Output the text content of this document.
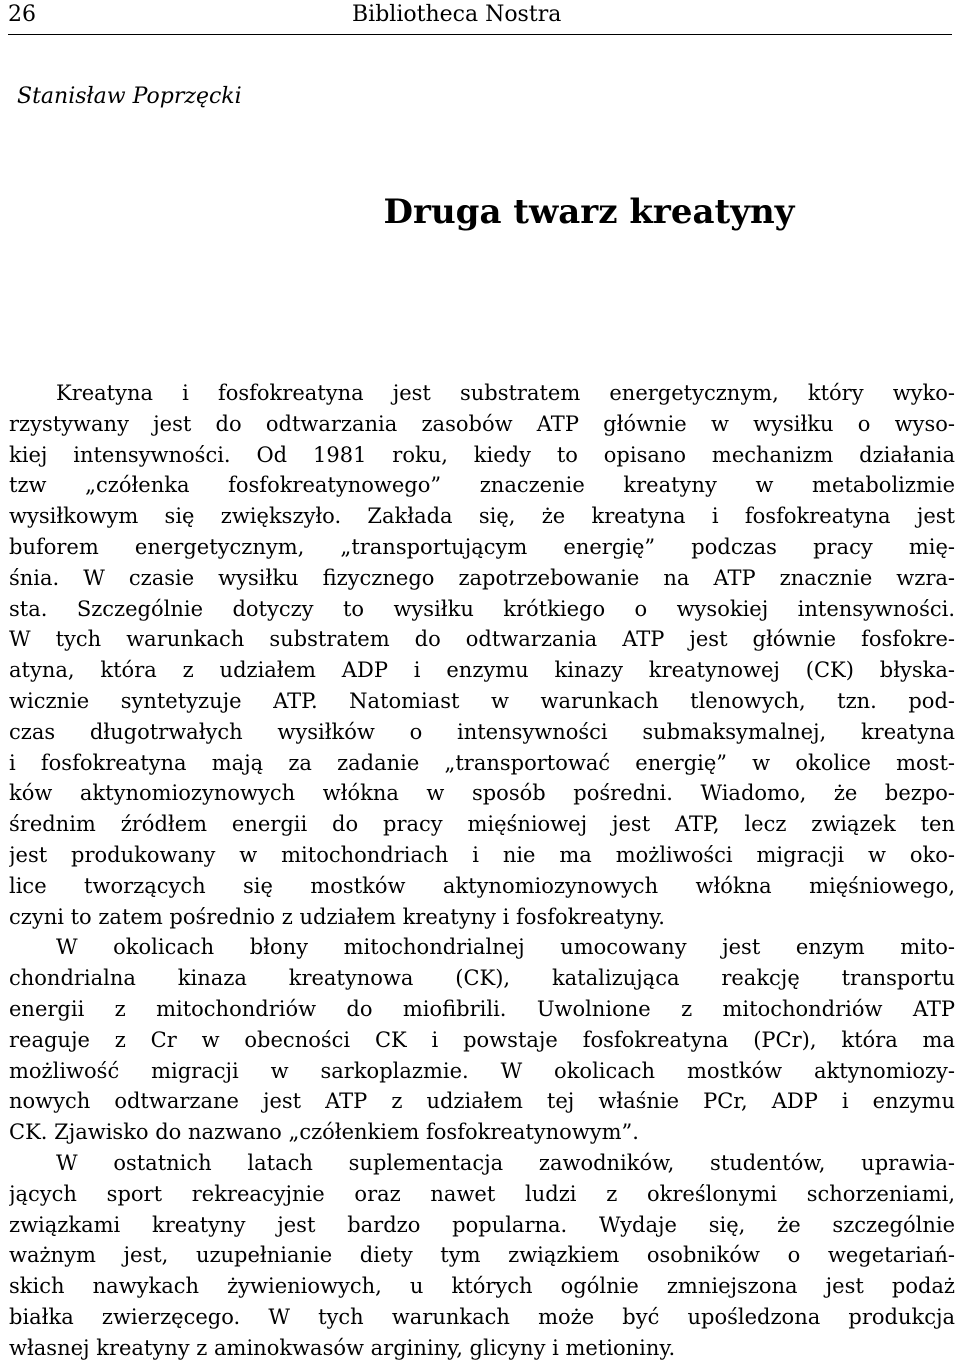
26	Bibliotheca Nostra
Stanisław Poprzęcki
Druga twarz kreatyny
Kreatyna i fosfokreatyna jest substratem energetycznym, który wyko-
rzystywany jest do odtwarzania zasobów ATP głównie w wysiłku o wyso-
kiej intensywności. Od 1981 roku, kiedy to opisano mechanizm działania
tzw „czółenka fosfokreatynowego” znaczenie kreatyny w metabolizmie
wysiłkowym się zwiększyło. Zakłada się, że kreatyna i fosfokreatyna jest
buforem energetycznym, „transportującym energię” podczas pracy mię-
śnia. W czasie wysiłku fizycznego zapotrzebowanie na ATP znacznie wzra-
sta. Szczególnie dotyczy to wysiłku krótkiego o wysokiej intensywności.
W tych warunkach substratem do odtwarzania ATP jest głównie fosfokre-
atyna, która z udziałem ADP i enzymu kinazy kreatynowej (CK) błyska-
wicznie syntetyzuje ATP. Natomiast w warunkach tlenowych, tzn. pod-
czas długotrwałych wysiłków o intensywności submaksymalnej, kreatyna
i fosfokreatyna mają za zadanie „transportować energię” w okolice most-
ków aktynomiozynowych włókna w sposób pośredni. Wiadomo, że bezpo-
średnim źródłem energii do pracy mięśniowej jest ATP, lecz związek ten
jest produkowany w mitochondriach i nie ma możliwości migracji w oko-
lice tworzących się mostków aktynomiozynowych włókna mięśniowego,
czyni to zatem pośrednio z udziałem kreatyny i fosfokreatyny.
W okolicach błony mitochondrialnej umocowany jest enzym mito-
chondrialna kinaza kreatynowa (CK), katalizująca reakcję transportu
energii z mitochondriów do miofibrili. Uwolnione z mitochondriów ATP
reaguje z Cr w obecności CK i powstaje fosfokreatyna (PCr), która ma
możliwość migracji w sarkoplazmie. W okolicach mostków aktynomiozy-
nowych odtwarzane jest ATP z udziałem tej właśnie PCr, ADP i enzymu
CK. Zjawisko do nazwano „czółenkiem fosfokreatynowym”.
W ostatnich latach suplementacja zawodników, studentów, uprawia-
jących sport rekreacyjnie oraz nawet ludzi z określonymi schorzeniami,
związkami kreatyny jest bardzo popularna. Wydaje się, że szczególnie
ważnym jest, uzupełnianie diety tym związkiem osobników o wegetariań-
skich nawykach żywieniowych, u których ogólnie zmniejszona jest podaż
białka zwierzęcego. W tych warunkach może być upośledzona produkcja
własnej kreatyny z aminokwasów argininy, glicyny i metioniny.
